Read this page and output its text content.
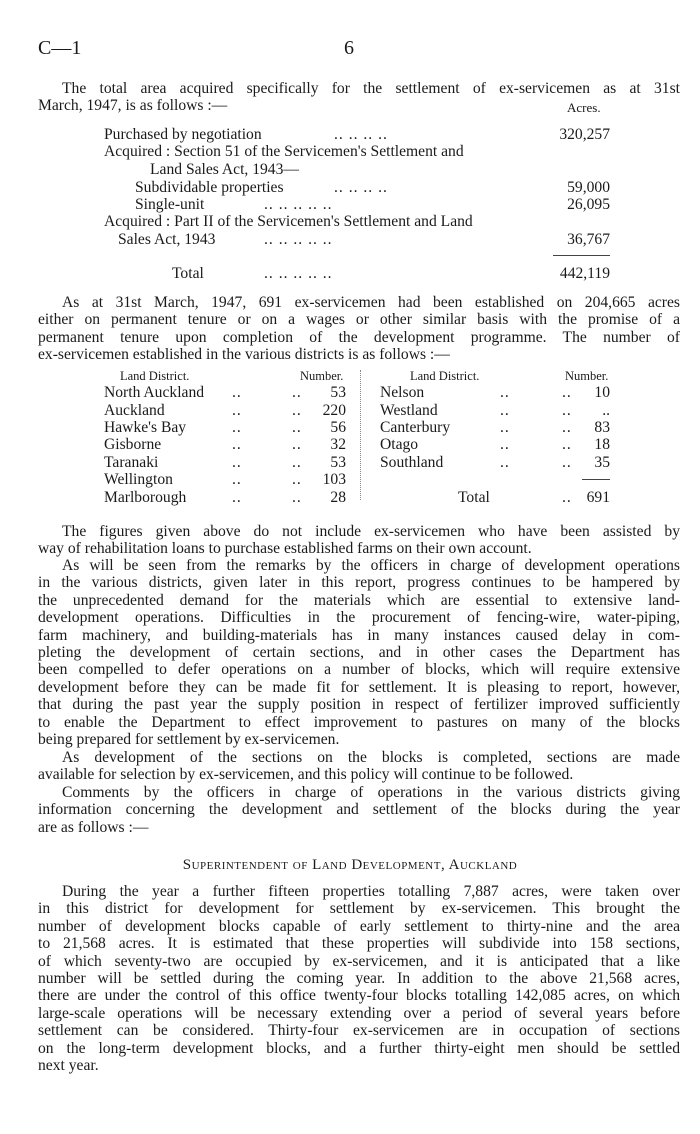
C—1	6
The total area acquired specifically for the settlement of ex-servicemen as at 31st
March, 1947, is as follows :—	Acres.
Purchased by negotiation	.. .. .. ..	320,257
Acquired : Section 51 of the Servicemen's Settlement and
Land Sales Act, 1943—
Subdividable properties	.. .. .. ..	59,000
Single-unit	.. .. .. .. ..	26,095
Acquired : Part II of the Servicemen's Settlement and Land
Sales Act, 1943	.. .. .. .. ..	36,767
Total	.. .. .. .. ..	442,119
As at 31st March, 1947, 691 ex-servicemen had been established on 204,665 acres
either on permanent tenure or on a wages or other similar basis with the promise of a
permanent tenure upon completion of the development programme. The number of
ex-servicemen established in the various districts is as follows :—
Land District.	Number.	Land District.	Number.
North Auckland ..	..	53
Auckland	..	..	220
Hawke's Bay	..	..	56
Gisborne	..	..	32
Taranaki	..	..	53
Wellington	..	..	103
Marlborough	..	..	28
Nelson	..	..	10
Westland	..	..	..
Canterbury	..	..	83
Otago	..	..	18
Southland	..	..	35
Total	.. 691
The figures given above do not include ex-servicemen who have been assisted by
way of rehabilitation loans to purchase established farms on their own account.
As will be seen from the remarks by the officers in charge of development operations
in the various districts, given later in this report, progress continues to be hampered by
the unprecedented demand for the materials which are essential to extensive land-
development operations. Difficulties in the procurement of fencing-wire, water-piping,
farm machinery, and building-materials has in many instances caused delay in com-
pleting the development of certain sections, and in other cases the Department has
been compelled to defer operations on a number of blocks, which will require extensive
development before they can be made fit for settlement. It is pleasing to report, however,
that during the past year the supply position in respect of fertilizer improved sufficiently
to enable the Department to effect improvement to pastures on many of the blocks
being prepared for settlement by ex-servicemen.
As development of the sections on the blocks is completed, sections are made
available for selection by ex-servicemen, and this policy will continue to be followed.
Comments by the officers in charge of operations in the various districts giving
information concerning the development and settlement of the blocks during the year
are as follows :—
Superintendent of Land Development, Auckland
During the year a further fifteen properties totalling 7,887 acres, were taken over
in this district for development for settlement by ex-servicemen. This brought the
number of development blocks capable of early settlement to thirty-nine and the area
to 21,568 acres. It is estimated that these properties will subdivide into 158 sections,
of which seventy-two are occupied by ex-servicemen, and it is anticipated that a like
number will be settled during the coming year. In addition to the above 21,568 acres,
there are under the control of this office twenty-four blocks totalling 142,085 acres, on which
large-scale operations will be necessary extending over a period of several years before
settlement can be considered. Thirty-four ex-servicemen are in occupation of sections
on the long-term development blocks, and a further thirty-eight men should be settled
next year.
